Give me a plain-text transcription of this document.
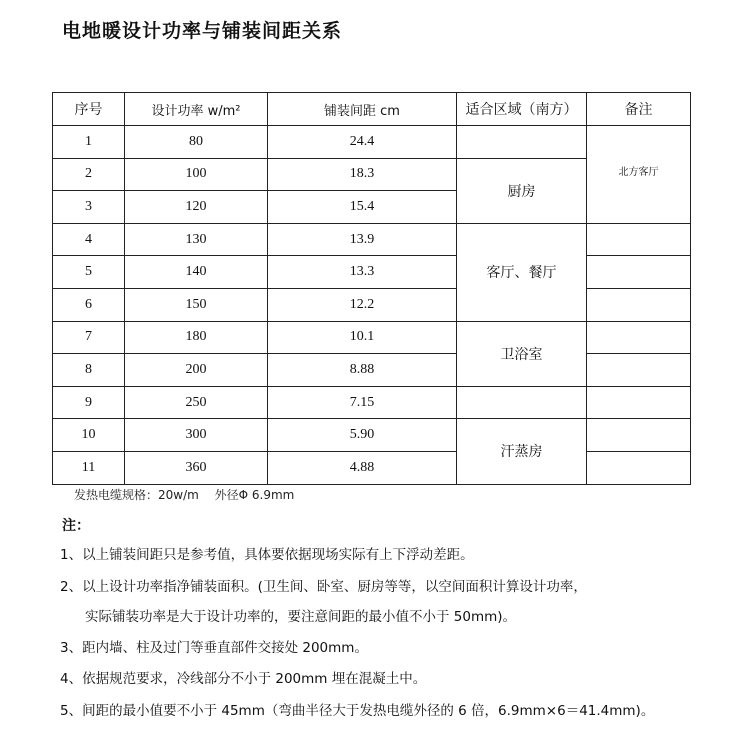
电地暖设计功率与铺装间距关系
序号	设计功率 w/m²	铺装间距 cm	适合区域（南方）	备注
1	80	24.4		北方客厅
2	100	18.3	厨房	
3	120	15.4		
4	130	13.9	客厅、餐厅	
5	140	13.3		
6	150	12.2		
7	180	10.1	卫浴室	
8	200	8.88		
9	250	7.15		
10	300	5.90	汗蒸房	
11	360	4.88		
发热电缆规格：20w/m　 外径Φ 6.9mm
注：
1、以上铺装间距只是参考值，具体要依据现场实际有上下浮动差距。
2、以上设计功率指净铺装面积。(卫生间、卧室、厨房等等，以空间面积计算设计功率，
实际铺装功率是大于设计功率的，要注意间距的最小值不小于 50mm)。
3、距内墙、柱及过门等垂直部件交接处 200mm。
4、依据规范要求，冷线部分不小于 200mm 埋在混凝土中。
5、间距的最小值要不小于 45mm（弯曲半径大于发热电缆外径的 6 倍，6.9mm×6＝41.4mm)。
